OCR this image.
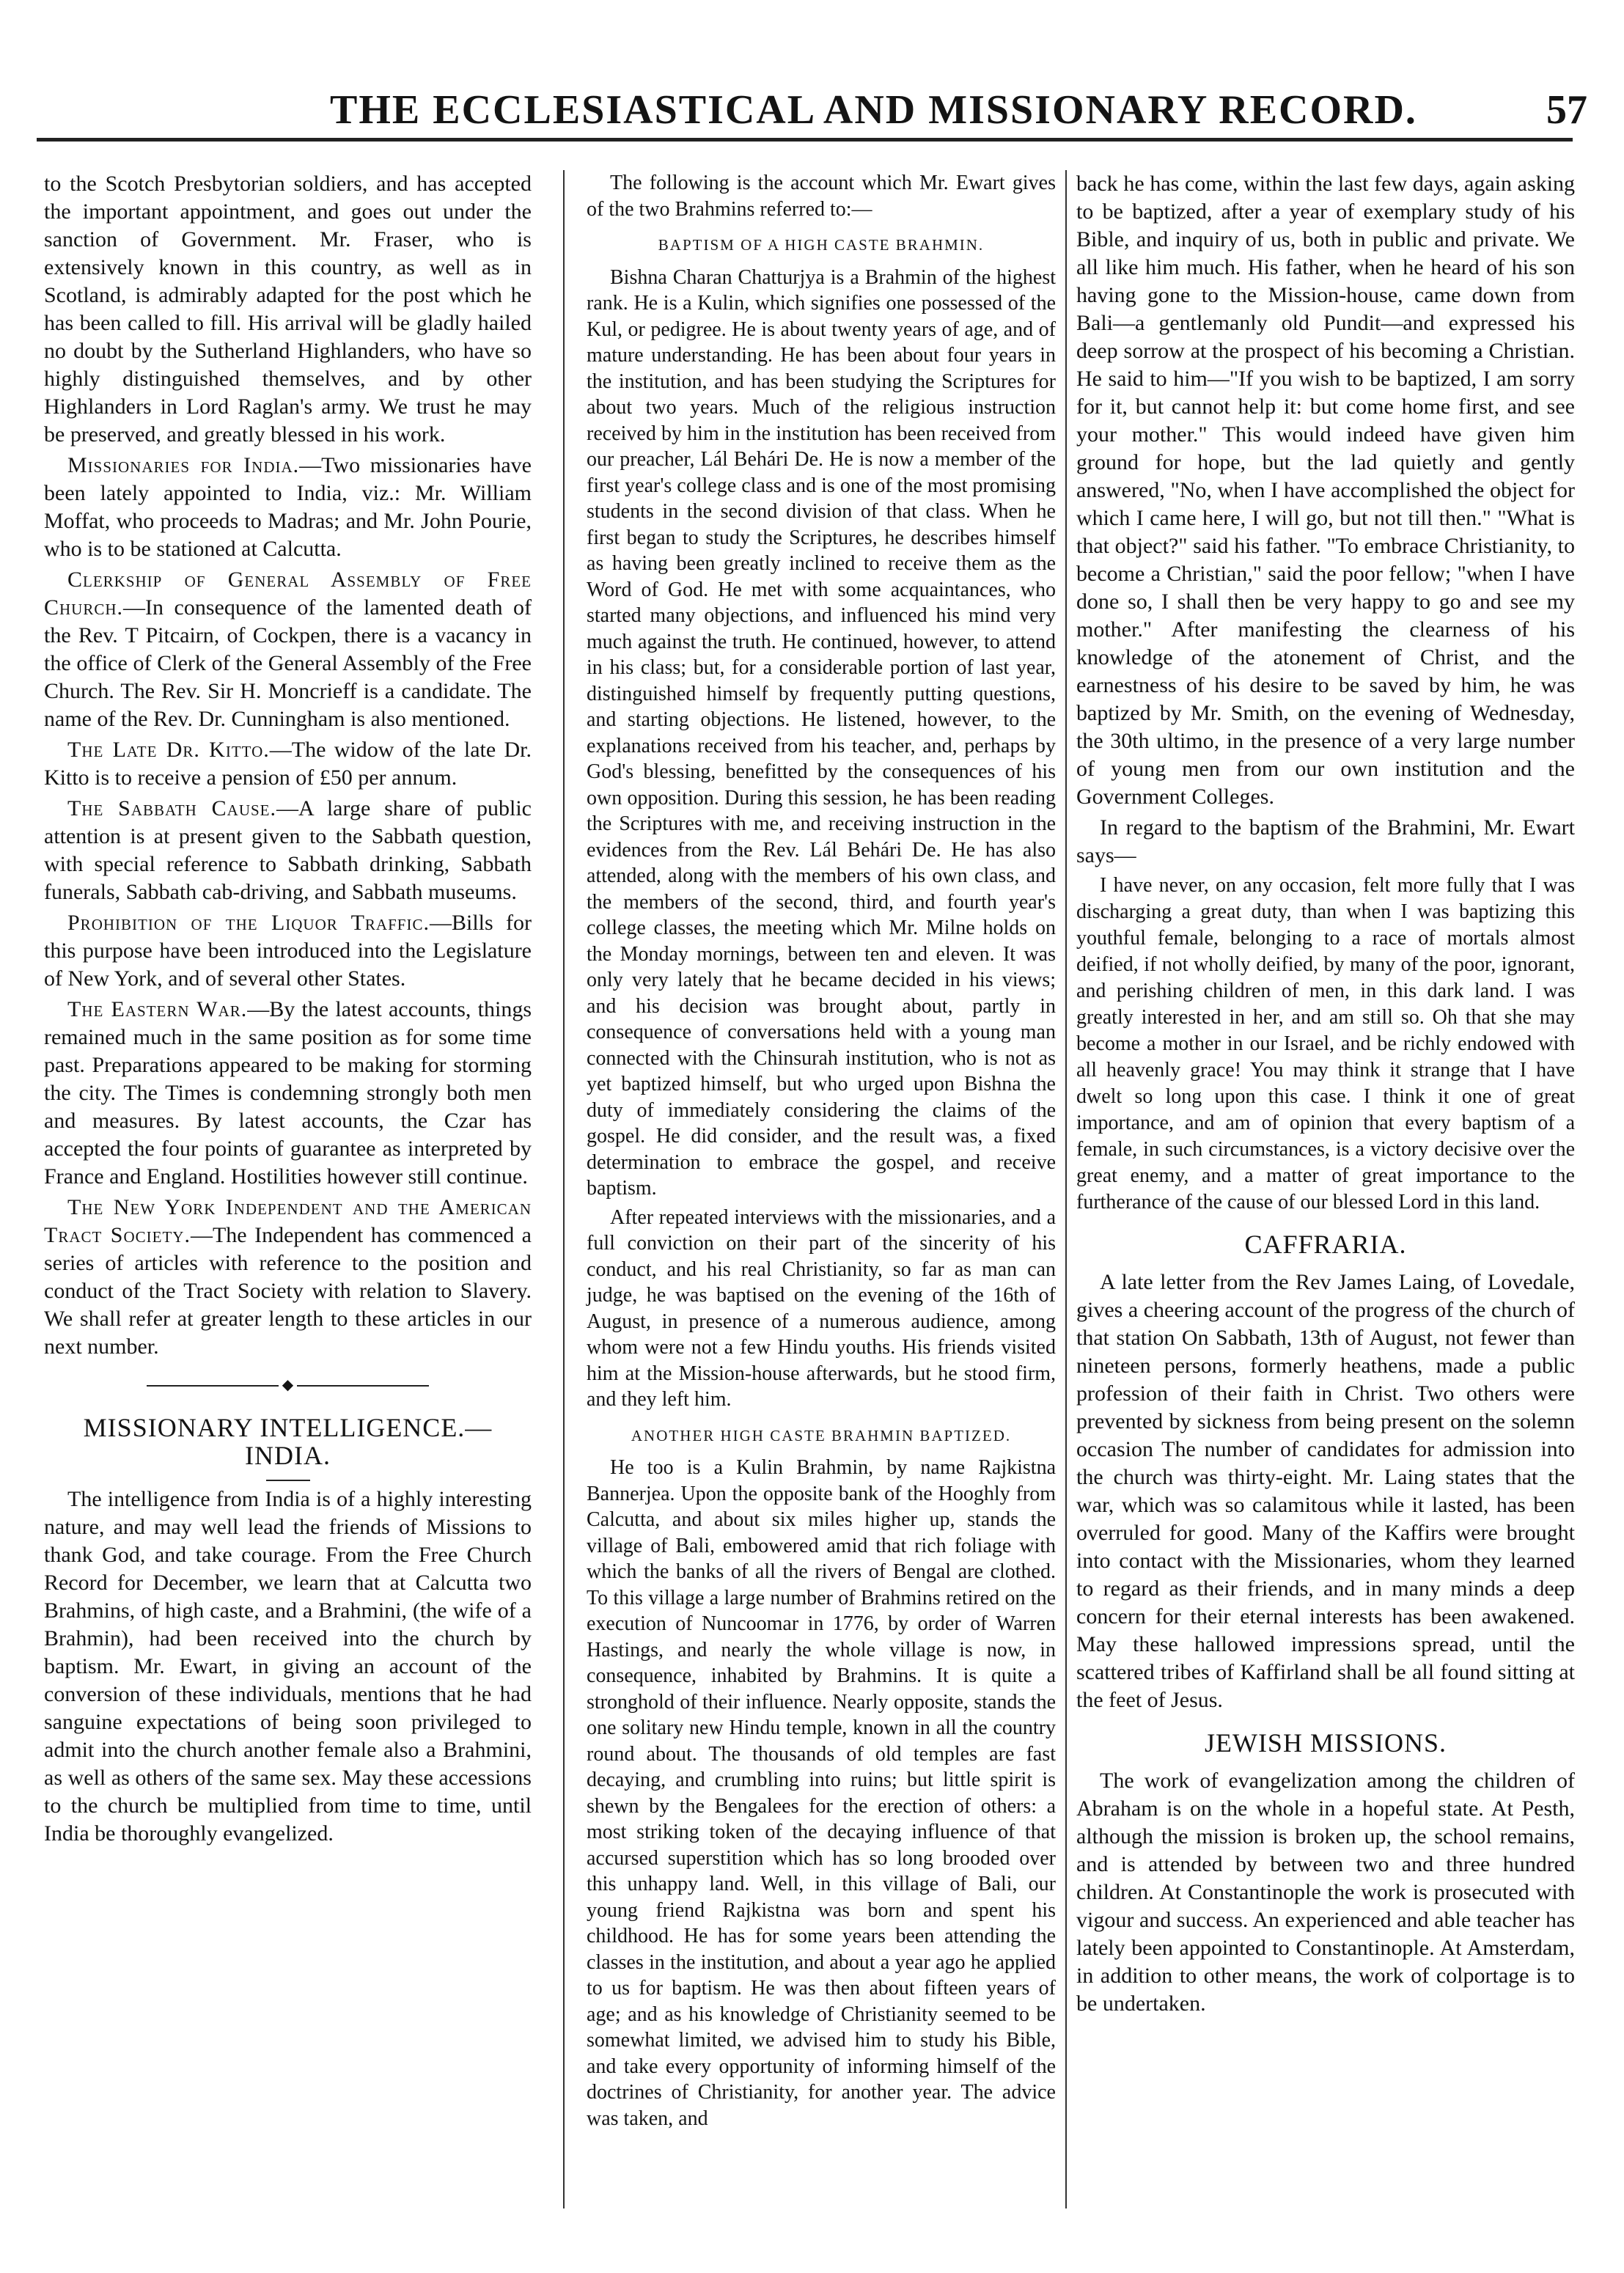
THE ECCLESIASTICAL AND MISSIONARY RECORD.	57

to the Scotch Presbytorian soldiers, and has accepted the important appointment, and goes out under the sanction of Government. Mr. Fraser, who is extensively known in this country, as well as in Scotland, is admirably adapted for the post which he has been called to fill. His arrival will be gladly hailed no doubt by the Sutherland Highlanders, who have so highly distinguished themselves, and by other Highlanders in Lord Raglan's army. We trust he may be preserved, and greatly blessed in his work.

Missionaries for India.—Two missionaries have been lately appointed to India, viz.: Mr. William Moffat, who proceeds to Madras; and Mr. John Pourie, who is to be stationed at Calcutta.

Clerkship of General Assembly of Free Church.—In consequence of the lamented death of the Rev. T Pitcairn, of Cockpen, there is a vacancy in the office of Clerk of the General Assembly of the Free Church. The Rev. Sir H. Moncrieff is a candidate. The name of the Rev. Dr. Cunningham is also mentioned.

The Late Dr. Kitto.—The widow of the late Dr. Kitto is to receive a pension of £50 per annum.

The Sabbath Cause.—A large share of public attention is at present given to the Sabbath question, with special reference to Sabbath drinking, Sabbath funerals, Sabbath cab-driving, and Sabbath museums.

Prohibition of the Liquor Traffic.—Bills for this purpose have been introduced into the Legislature of New York, and of several other States.

The Eastern War.—By the latest accounts, things remained much in the same position as for some time past. Preparations appeared to be making for storming the city. The Times is condemning strongly both men and measures. By latest accounts, the Czar has accepted the four points of guarantee as interpreted by France and England. Hostilities however still continue.

The New York Independent and the American Tract Society.—The Independent has commenced a series of articles with reference to the position and conduct of the Tract Society with relation to Slavery. We shall refer at greater length to these articles in our next number.

◆
MISSIONARY INTELLIGENCE.—INDIA.

The intelligence from India is of a highly interesting nature, and may well lead the friends of Missions to thank God, and take courage. From the Free Church Record for December, we learn that at Calcutta two Brahmins, of high caste, and a Brahmini, (the wife of a Brahmin), had been received into the church by baptism. Mr. Ewart, in giving an account of the conversion of these individuals, mentions that he had sanguine expectations of being soon privileged to admit into the church another female also a Brahmini, as well as others of the same sex. May these accessions to the church be multiplied from time to time, until India be thoroughly evangelized.

The following is the account which Mr. Ewart gives of the two Brahmins referred to:—

BAPTISM OF A HIGH CASTE BRAHMIN.

Bishna Charan Chatturjya is a Brahmin of the highest rank. He is a Kulin, which signifies one possessed of the Kul, or pedigree. He is about twenty years of age, and of mature understanding. He has been about four years in the institution, and has been studying the Scriptures for about two years. Much of the religious instruction received by him in the institution has been received from our preacher, Lál Behári De. He is now a member of the first year's college class and is one of the most promising students in the second division of that class. When he first began to study the Scriptures, he describes himself as having been greatly inclined to receive them as the Word of God. He met with some acquaintances, who started many objections, and influenced his mind very much against the truth. He continued, however, to attend in his class; but, for a considerable portion of last year, distinguished himself by frequently putting questions, and starting objections. He listened, however, to the explanations received from his teacher, and, perhaps by God's blessing, benefitted by the consequences of his own opposition. During this session, he has been reading the Scriptures with me, and receiving instruction in the evidences from the Rev. Lál Behári De. He has also attended, along with the members of his own class, and the members of the second, third, and fourth year's college classes, the meeting which Mr. Milne holds on the Monday mornings, between ten and eleven. It was only very lately that he became decided in his views; and his decision was brought about, partly in consequence of conversations held with a young man connected with the Chinsurah institution, who is not as yet baptized himself, but who urged upon Bishna the duty of immediately considering the claims of the gospel. He did consider, and the result was, a fixed determination to embrace the gospel, and receive baptism.

After repeated interviews with the missionaries, and a full conviction on their part of the sincerity of his conduct, and his real Christianity, so far as man can judge, he was baptised on the evening of the 16th of August, in presence of a numerous audience, among whom were not a few Hindu youths. His friends visited him at the Mission-house afterwards, but he stood firm, and they left him.

ANOTHER HIGH CASTE BRAHMIN BAPTIZED.

He too is a Kulin Brahmin, by name Rajkistna Bannerjea. Upon the opposite bank of the Hooghly from Calcutta, and about six miles higher up, stands the village of Bali, embowered amid that rich foliage with which the banks of all the rivers of Bengal are clothed. To this village a large number of Brahmins retired on the execution of Nuncoomar in 1776, by order of Warren Hastings, and nearly the whole village is now, in consequence, inhabited by Brahmins. It is quite a stronghold of their influence. Nearly opposite, stands the one solitary new Hindu temple, known in all the country round about. The thousands of old temples are fast decaying, and crumbling into ruins; but little spirit is shewn by the Bengalees for the erection of others: a most striking token of the decaying influence of that accursed superstition which has so long brooded over this unhappy land. Well, in this village of Bali, our young friend Rajkistna was born and spent his childhood. He has for some years been attending the classes in the institution, and about a year ago he applied to us for baptism. He was then about fifteen years of age; and as his knowledge of Christianity seemed to be somewhat limited, we advised him to study his Bible, and take every opportunity of informing himself of the doctrines of Christianity, for another year. The advice was taken, and

back he has come, within the last few days, again asking to be baptized, after a year of exemplary study of his Bible, and inquiry of us, both in public and private. We all like him much. His father, when he heard of his son having gone to the Mission-house, came down from Bali—a gentlemanly old Pundit—and expressed his deep sorrow at the prospect of his becoming a Christian. He said to him—"If you wish to be baptized, I am sorry for it, but cannot help it: but come home first, and see your mother." This would indeed have given him ground for hope, but the lad quietly and gently answered, "No, when I have accomplished the object for which I came here, I will go, but not till then." "What is that object?" said his father. "To embrace Christianity, to become a Christian," said the poor fellow; "when I have done so, I shall then be very happy to go and see my mother." After manifesting the clearness of his knowledge of the atonement of Christ, and the earnestness of his desire to be saved by him, he was baptized by Mr. Smith, on the evening of Wednesday, the 30th ultimo, in the presence of a very large number of young men from our own institution and the Government Colleges.

In regard to the baptism of the Brahmini, Mr. Ewart says—

I have never, on any occasion, felt more fully that I was discharging a great duty, than when I was baptizing this youthful female, belonging to a race of mortals almost deified, if not wholly deified, by many of the poor, ignorant, and perishing children of men, in this dark land. I was greatly interested in her, and am still so. Oh that she may become a mother in our Israel, and be richly endowed with all heavenly grace! You may think it strange that I have dwelt so long upon this case. I think it one of great importance, and am of opinion that every baptism of a female, in such circumstances, is a victory decisive over the great enemy, and a matter of great importance to the furtherance of the cause of our blessed Lord in this land.

CAFFRARIA.

A late letter from the Rev James Laing, of Lovedale, gives a cheering account of the progress of the church of that station On Sabbath, 13th of August, not fewer than nineteen persons, formerly heathens, made a public profession of their faith in Christ. Two others were prevented by sickness from being present on the solemn occasion The number of candidates for admission into the church was thirty-eight. Mr. Laing states that the war, which was so calamitous while it lasted, has been overruled for good. Many of the Kaffirs were brought into contact with the Missionaries, whom they learned to regard as their friends, and in many minds a deep concern for their eternal interests has been awakened. May these hallowed impressions spread, until the scattered tribes of Kaffirland shall be all found sitting at the feet of Jesus.

JEWISH MISSIONS.

The work of evangelization among the children of Abraham is on the whole in a hopeful state. At Pesth, although the mission is broken up, the school remains, and is attended by between two and three hundred children. At Constantinople the work is prosecuted with vigour and success. An experienced and able teacher has lately been appointed to Constantinople. At Amsterdam, in addition to other means, the work of colportage is to be undertaken.
